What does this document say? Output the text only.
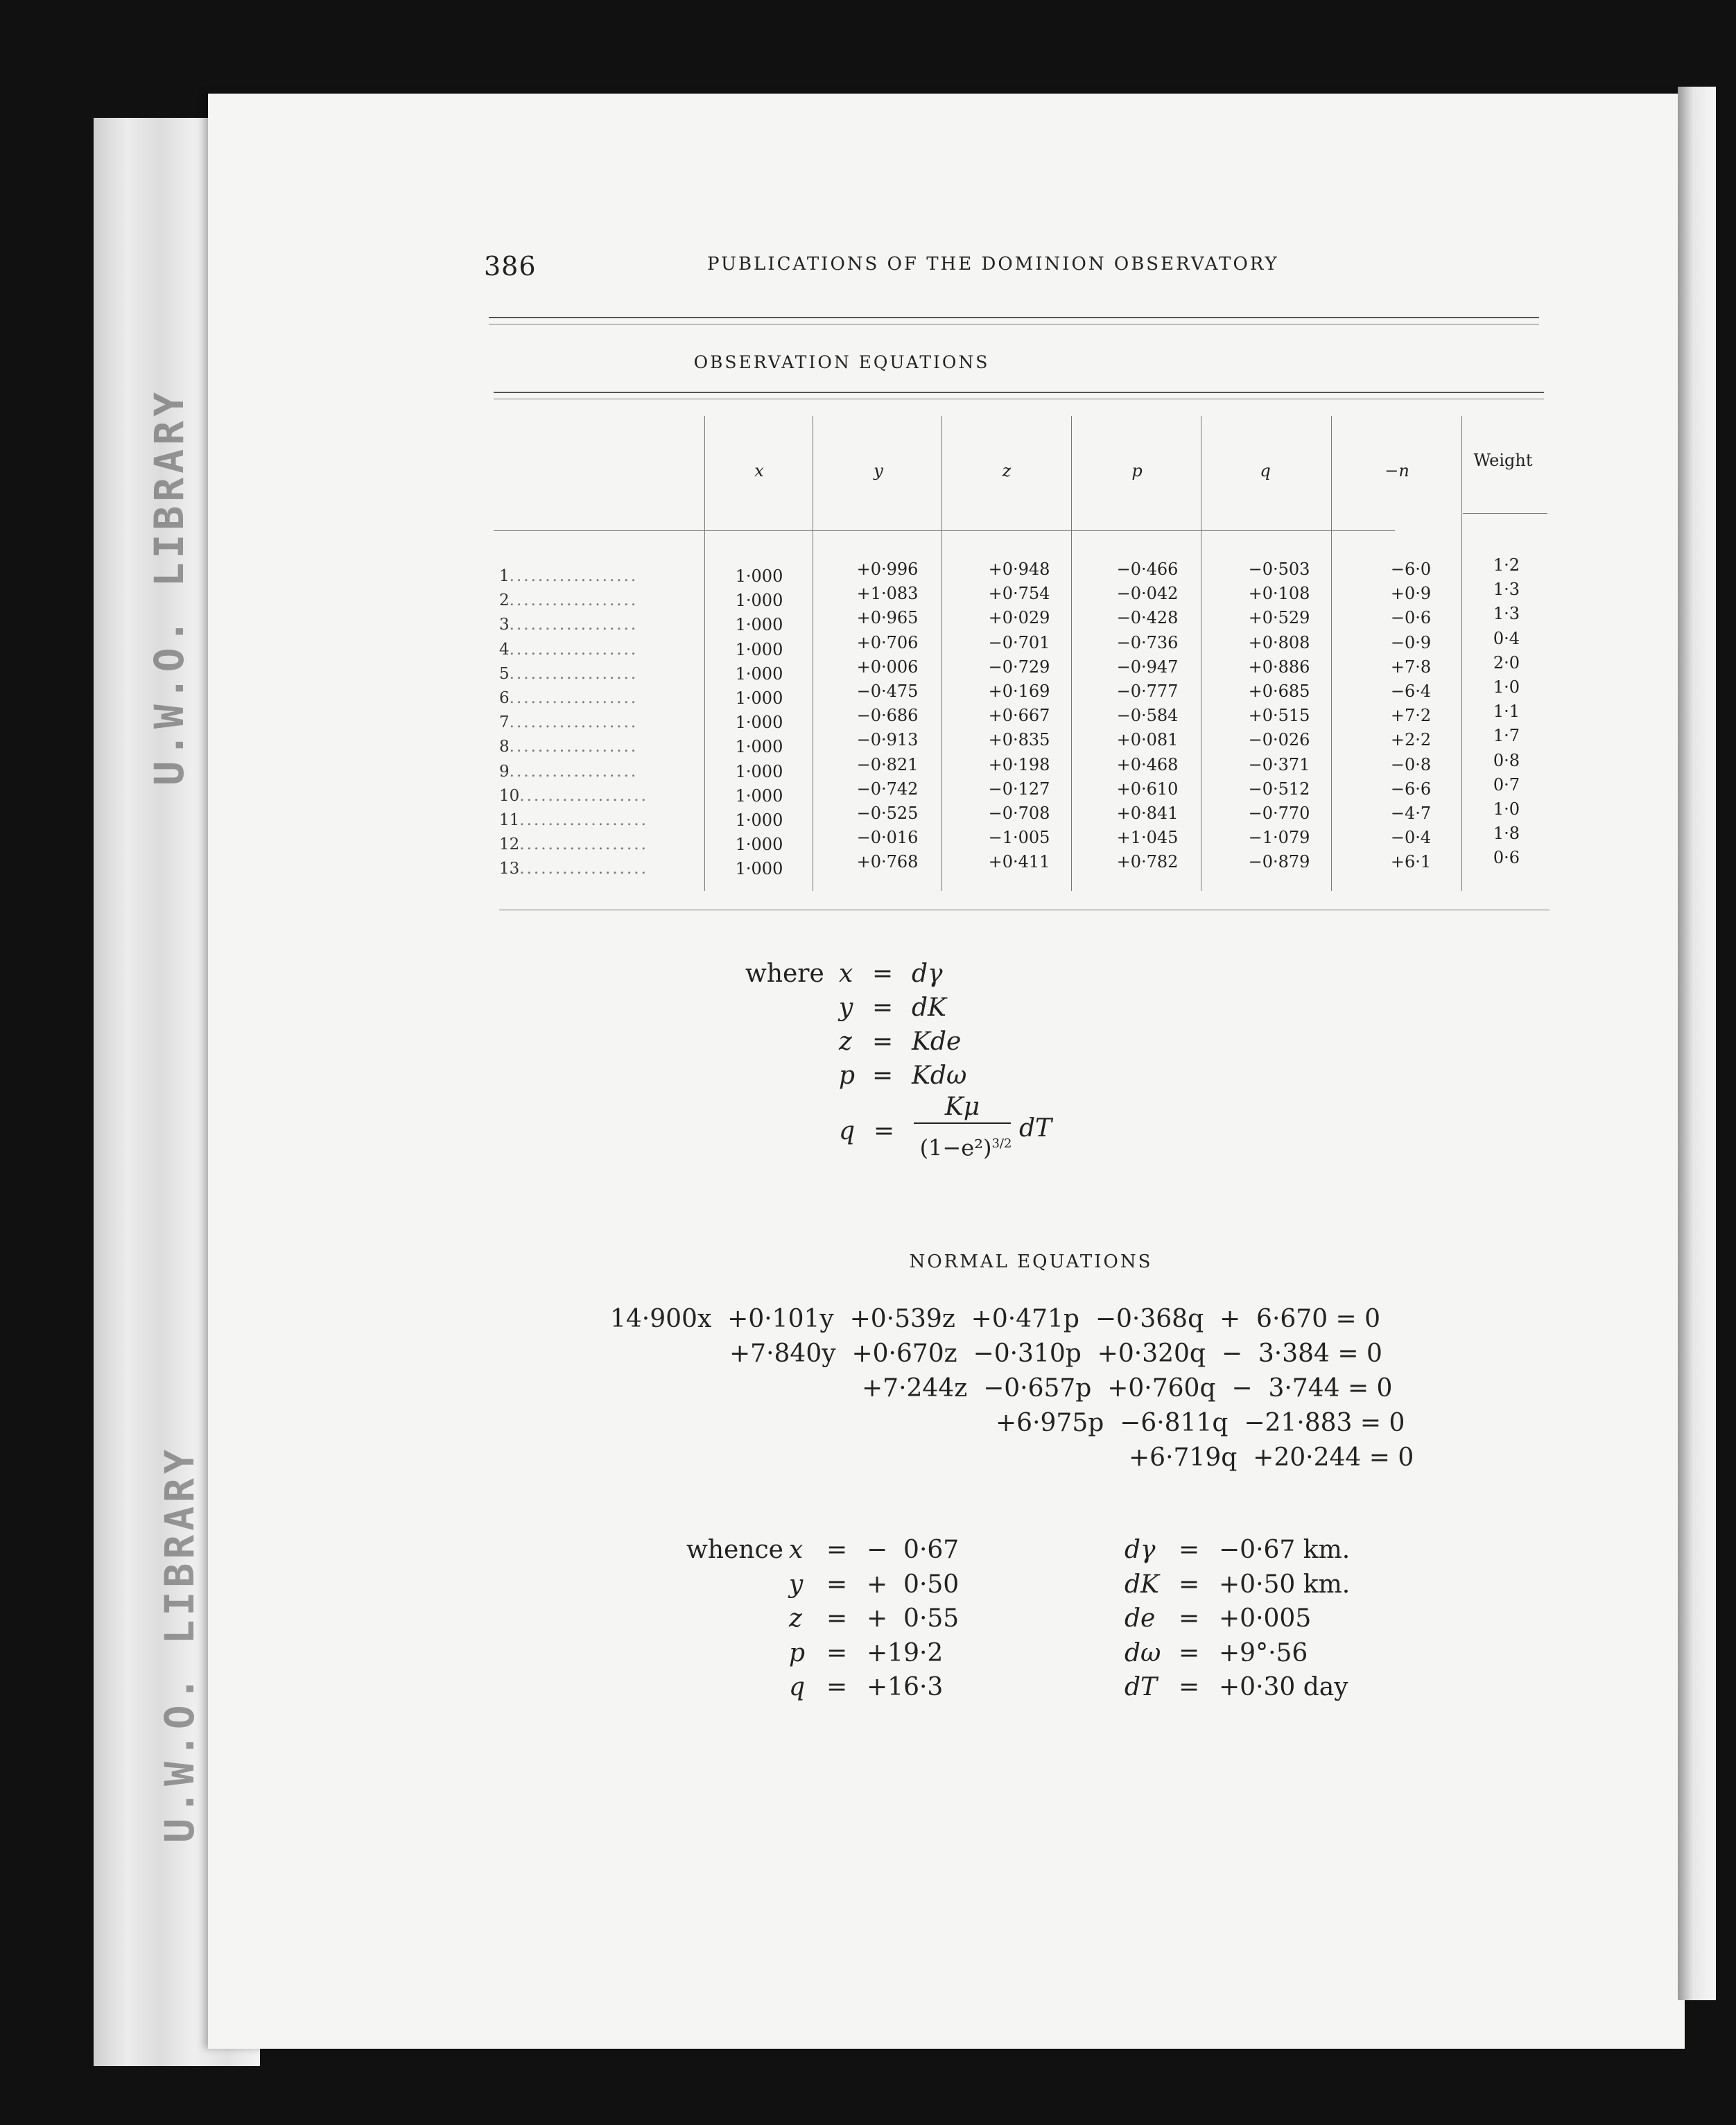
U.W.O. LIBRARY
U.W.O. LIBRARY
386	PUBLICATIONS OF THE DOMINION OBSERVATORY
OBSERVATION EQUATIONS
x	y	z	p	q	−n
Weight
1..................	1·000	+0·996	+0·948	−0·466	−0·503	−6·0	1·2
2..................	1·000	+1·083	+0·754	−0·042	+0·108	+0·9	1·3
3..................	1·000	+0·965	+0·029	−0·428	+0·529	−0·6	1·3
4..................	1·000	+0·706	−0·701	−0·736	+0·808	−0·9	0·4
5..................	1·000	+0·006	−0·729	−0·947	+0·886	+7·8	2·0
6..................	1·000	−0·475	+0·169	−0·777	+0·685	−6·4	1·0
7..................	1·000	−0·686	+0·667	−0·584	+0·515	+7·2	1·1
8..................	1·000	−0·913	+0·835	+0·081	−0·026	+2·2	1·7
9..................	1·000	−0·821	+0·198	+0·468	−0·371	−0·8	0·8
10..................	1·000	−0·742	−0·127	+0·610	−0·512	−6·6	0·7
11..................	1·000	−0·525	−0·708	+0·841	−0·770	−4·7	1·0
12..................	1·000	−0·016	−1·005	+1·045	−1·079	−0·4	1·8
13..................	1·000	+0·768	+0·411	+0·782	−0·879	+6·1	0·6
where x = dγ
y = dK
z = Kde
p = Kdω
q =
Kμ
$(1-e^2)^{3/2}$
dT
NORMAL EQUATIONS
14·900x  +0·101y  +0·539z  +0·471p  −0·368q  +  6·670 = 0
+7·840y  +0·670z  −0·310p  +0·320q  −  3·384 = 0
+7·244z  −0·657p  +0·760q  −  3·744 = 0
+6·975p  −6·811q  −21·883 = 0
+6·719q  +20·244 = 0
whence x = −  0·67	dγ = −0·67 km.
y = +  0·50	dK = +0·50 km.
z = +  0·55	de = +0·005
p = +19·2	dω = +9°·56
q = +16·3	dT = +0·30 day
